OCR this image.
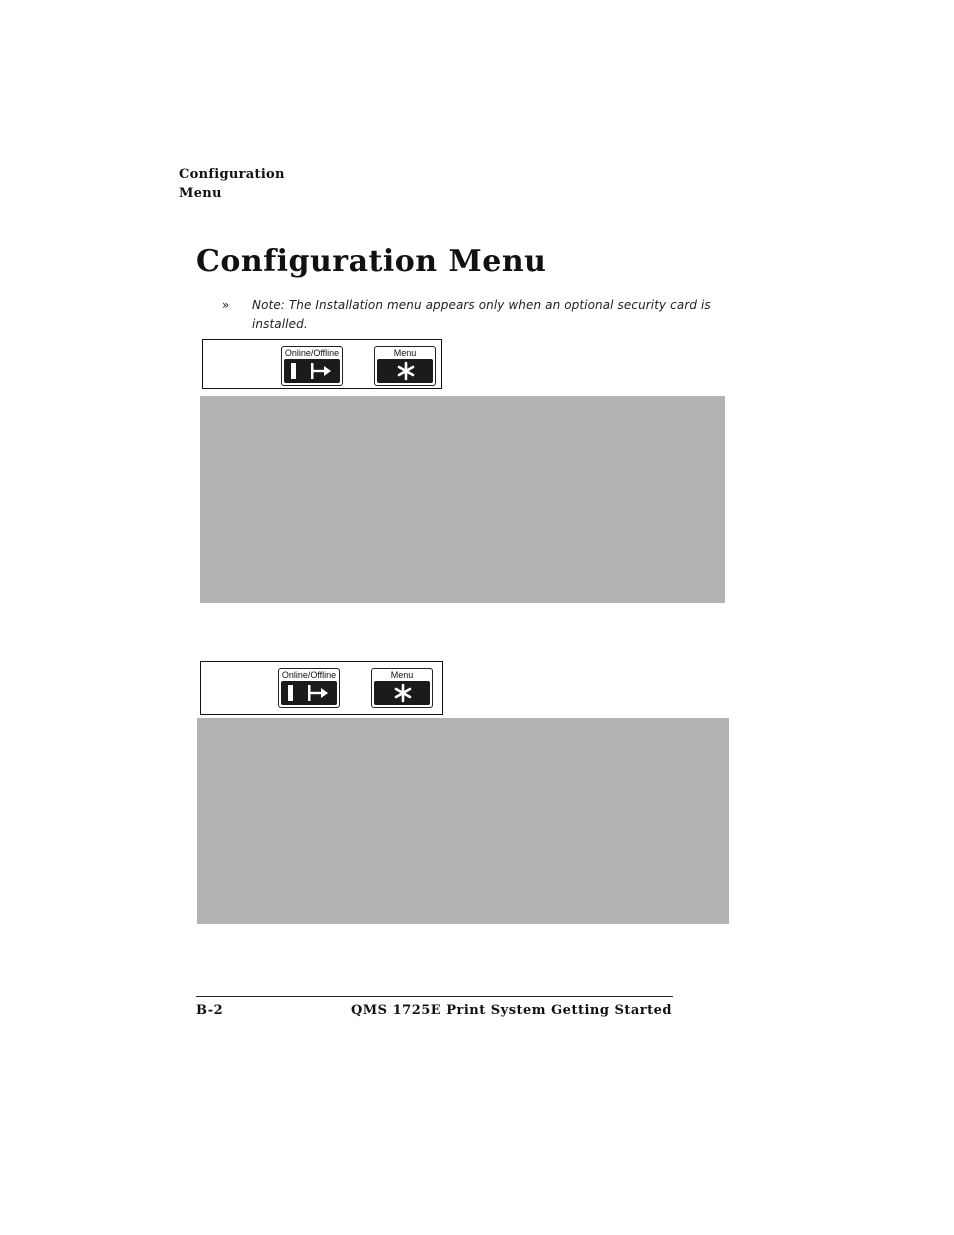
Configuration
Menu
Configuration Menu
»	Note: The Installation menu appears only when an optional security card is installed.
Online/Offline	Menu
Online/Offline	Menu
B-2	QMS 1725E Print System Getting Started
